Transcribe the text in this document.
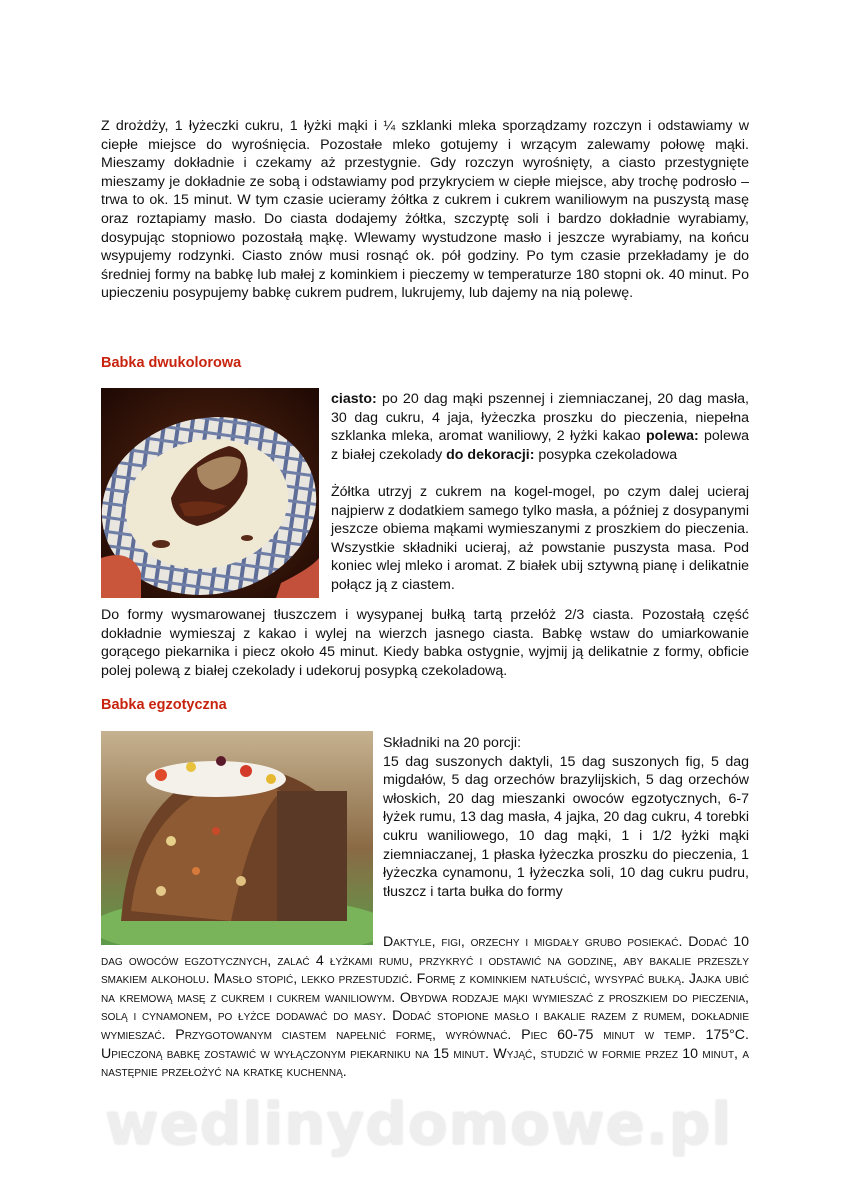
Z drożdży, 1 łyżeczki cukru, 1 łyżki mąki i ¼ szklanki mleka sporządzamy rozczyn i odstawiamy w ciepłe miejsce do wyrośnięcia. Pozostałe mleko gotujemy i wrzącym zalewamy połowę mąki. Mieszamy dokładnie i czekamy aż przestygnie. Gdy rozczyn wyrośnięty, a ciasto przestygnięte mieszamy je dokładnie ze sobą i odstawiamy pod przykryciem w ciepłe miejsce, aby trochę podrosło – trwa to ok. 15 minut. W tym czasie ucieramy żółtka z cukrem i cukrem waniliowym na puszystą masę oraz roztapiamy masło. Do ciasta dodajemy żółtka, szczyptę soli i bardzo dokładnie wyrabiamy, dosypując stopniowo pozostałą mąkę. Wlewamy wystudzone masło i jeszcze wyrabiamy, na końcu wsypujemy rodzynki. Ciasto znów musi rosnąć ok. pół godziny. Po tym czasie przekładamy je do średniej formy na babkę lub małej z kominkiem i pieczemy w temperaturze 180 stopni ok. 40 minut. Po upieczeniu posypujemy babkę cukrem pudrem, lukrujemy, lub dajemy na nią polewę.

Babka dwukolorowa

ciasto: po 20 dag mąki pszennej i ziemniaczanej, 20 dag masła, 30 dag cukru, 4 jaja, łyżeczka proszku do pieczenia, niepełna szklanka mleka, aromat waniliowy, 2 łyżki kakao polewa: polewa z białej czekolady do dekoracji: posypka czekoladowa

Żółtka utrzyj z cukrem na kogel-mogel, po czym dalej ucieraj najpierw z dodatkiem samego tylko masła, a później z dosypanymi jeszcze obiema mąkami wymieszanymi z proszkiem do pieczenia. Wszystkie składniki ucieraj, aż powstanie puszysta masa. Pod koniec wlej mleko i aromat. Z białek ubij sztywną pianę i delikatnie połącz ją z ciastem.

Do formy wysmarowanej tłuszczem i wysypanej bułką tartą przełóż 2/3 ciasta. Pozostałą część dokładnie wymieszaj z kakao i wylej na wierzch jasnego ciasta. Babkę wstaw do umiarkowanie gorącego piekarnika i piecz około 45 minut. Kiedy babka ostygnie, wyjmij ją delikatnie z formy, obficie polej polewą z białej czekolady i udekoruj posypką czekoladową.

Babka egzotyczna

Składniki na 20 porcji:

15 dag suszonych daktyli, 15 dag suszonych fig, 5 dag migdałów, 5 dag orzechów brazylijskich, 5 dag orzechów włoskich, 20 dag mieszanki owoców egzotycznych, 6-7 łyżek rumu, 13 dag masła, 4 jajka, 20 dag cukru, 4 torebki cukru waniliowego, 10 dag mąki, 1 i 1/2 łyżki mąki ziemniaczanej, 1 płaska łyżeczka proszku do pieczenia, 1 łyżeczka cynamonu, 1 łyżeczka soli, 10 dag cukru pudru, tłuszcz i tarta bułka do formy

Daktyle, figi, orzechy i migdały grubo posiekać. Dodać 10 dag owoców egzotycznych, zalać 4 łyżkami rumu, przykryć i odstawić na godzinę, aby bakalie przeszły smakiem alkoholu. Masło stopić, lekko przestudzić. Formę z kominkiem natłuścić, wysypać bułką. Jajka ubić na kremową masę z cukrem i cukrem waniliowym. Obydwa rodzaje mąki wymieszać z proszkiem do pieczenia, solą i cynamonem, po łyżce dodawać do masy. Dodać stopione masło i bakalie razem z rumem, dokładnie wymieszać. Przygotowanym ciastem napełnić formę, wyrównać. Piec 60-75 minut w temp. 175°C. Upieczoną babkę zostawić w wyłączonym piekarniku na 15 minut. Wyjąć, studzić w formie przez 10 minut, a następnie przełożyć na kratkę kuchenną.

wedlinydomowe.pl
